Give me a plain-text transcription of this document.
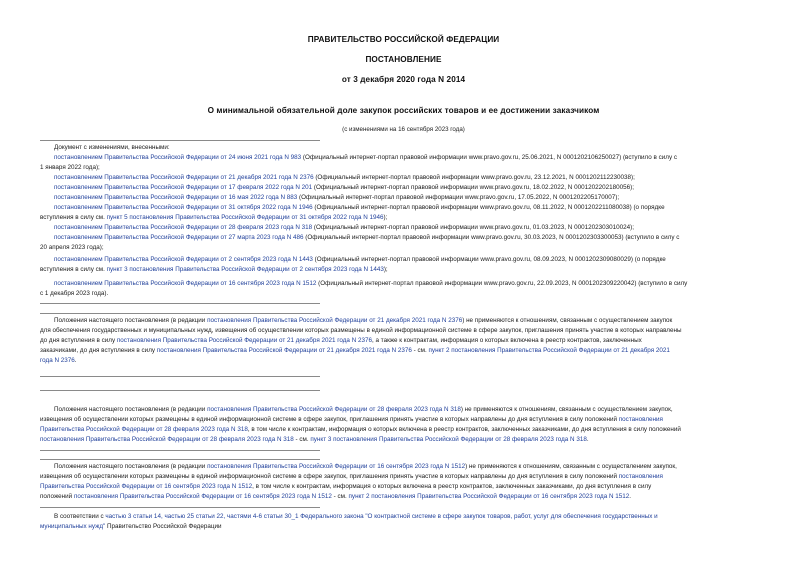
ПРАВИТЕЛЬСТВО РОССИЙСКОЙ ФЕДЕРАЦИИ
ПОСТАНОВЛЕНИЕ
от 3 декабря 2020 года N 2014
О минимальной обязательной доле закупок российских товаров и ее достижении заказчиком
(с изменениями на 16 сентября 2023 года)
Документ с изменениями, внесенными:
постановлением Правительства Российской Федерации от 24 июня 2021 года N 983 (Официальный интернет-портал правовой информации www.pravo.gov.ru, 25.06.2021, N 0001202106250027) (вступило в силу с
1 января 2022 года);
постановлением Правительства Российской Федерации от 21 декабря 2021 года N 2376 (Официальный интернет-портал правовой информации www.pravo.gov.ru, 23.12.2021, N 0001202112230038);
постановлением Правительства Российской Федерации от 17 февраля 2022 года N 201 (Официальный интернет-портал правовой информации www.pravo.gov.ru, 18.02.2022, N 0001202202180056);
постановлением Правительства Российской Федерации от 16 мая 2022 года N 883 (Официальный интернет-портал правовой информации www.pravo.gov.ru, 17.05.2022, N 0001202205170007);
постановлением Правительства Российской Федерации от 31 октября 2022 года N 1946 (Официальный интернет-портал правовой информации www.pravo.gov.ru, 08.11.2022, N 0001202211080038) (о порядке
вступления в силу см. пункт 5 постановления Правительства Российской Федерации от 31 октября 2022 года N 1946);
постановлением Правительства Российской Федерации от 28 февраля 2023 года N 318 (Официальный интернет-портал правовой информации www.pravo.gov.ru, 01.03.2023, N 0001202303010024);
постановлением Правительства Российской Федерации от 27 марта 2023 года N 486 (Официальный интернет-портал правовой информации www.pravo.gov.ru, 30.03.2023, N 0001202303300053) (вступило в силу с
20 апреля 2023 года);
постановлением Правительства Российской Федерации от 2 сентября 2023 года N 1443 (Официальный интернет-портал правовой информации www.pravo.gov.ru, 08.09.2023, N 0001202309080029) (о порядке
вступления в силу см. пункт 3 постановления Правительства Российской Федерации от 2 сентября 2023 года N 1443);
постановлением Правительства Российской Федерации от 16 сентября 2023 года N 1512 (Официальный интернет-портал правовой информации www.pravo.gov.ru, 22.09.2023, N 0001202309220042) (вступило в силу
с 1 декабря 2023 года).
Положения настоящего постановления (в редакции постановления Правительства Российской Федерации от 21 декабря 2021 года N 2376) не применяются к отношениям, связанным с осуществлением закупок
для обеспечения государственных и муниципальных нужд, извещения об осуществлении которых размещены в единой информационной системе в сфере закупок, приглашения принять участие в которых направлены
до дня вступления в силу постановления Правительства Российской Федерации от 21 декабря 2021 года N 2376, а также к контрактам, информация о которых включена в реестр контрактов, заключенных
заказчиками, до дня вступления в силу постановления Правительства Российской Федерации от 21 декабря 2021 года N 2376 - см. пункт 2 постановления Правительства Российской Федерации от 21 декабря 2021
года N 2376.
Положения настоящего постановления (в редакции постановления Правительства Российской Федерации от 28 февраля 2023 года N 318) не применяются к отношениям, связанным с осуществлением закупок,
извещения об осуществлении которых размещены в единой информационной системе в сфере закупок, приглашения принять участие в которых направлены до дня вступления в силу положений постановления
Правительства Российской Федерации от 28 февраля 2023 года N 318, в том числе к контрактам, информация о которых включена в реестр контрактов, заключенных заказчиками, до дня вступления в силу положений
постановления Правительства Российской Федерации от 28 февраля 2023 года N 318 - см. пункт 3 постановления Правительства Российской Федерации от 28 февраля 2023 года N 318.
Положения настоящего постановления (в редакции постановления Правительства Российской Федерации от 16 сентября 2023 года N 1512) не применяются к отношениям, связанным с осуществлением закупок,
извещения об осуществлении которых размещены в единой информационной системе в сфере закупок, приглашения принять участие в которых направлены до дня вступления в силу положений постановления
Правительства Российской Федерации от 16 сентября 2023 года N 1512, в том числе к контрактам, информация о которых включена в реестр контрактов, заключенных заказчиками, до дня вступления в силу
положений постановления Правительства Российской Федерации от 16 сентября 2023 года N 1512 - см. пункт 2 постановления Правительства Российской Федерации от 16 сентября 2023 года N 1512.
В соответствии с частью 3 статьи 14, частью 25 статьи 22, частями 4-6 статьи 30_1 Федерального закона "О контрактной системе в сфере закупок товаров, работ, услуг для обеспечения государственных и
муниципальных нужд" Правительство Российской Федерации
